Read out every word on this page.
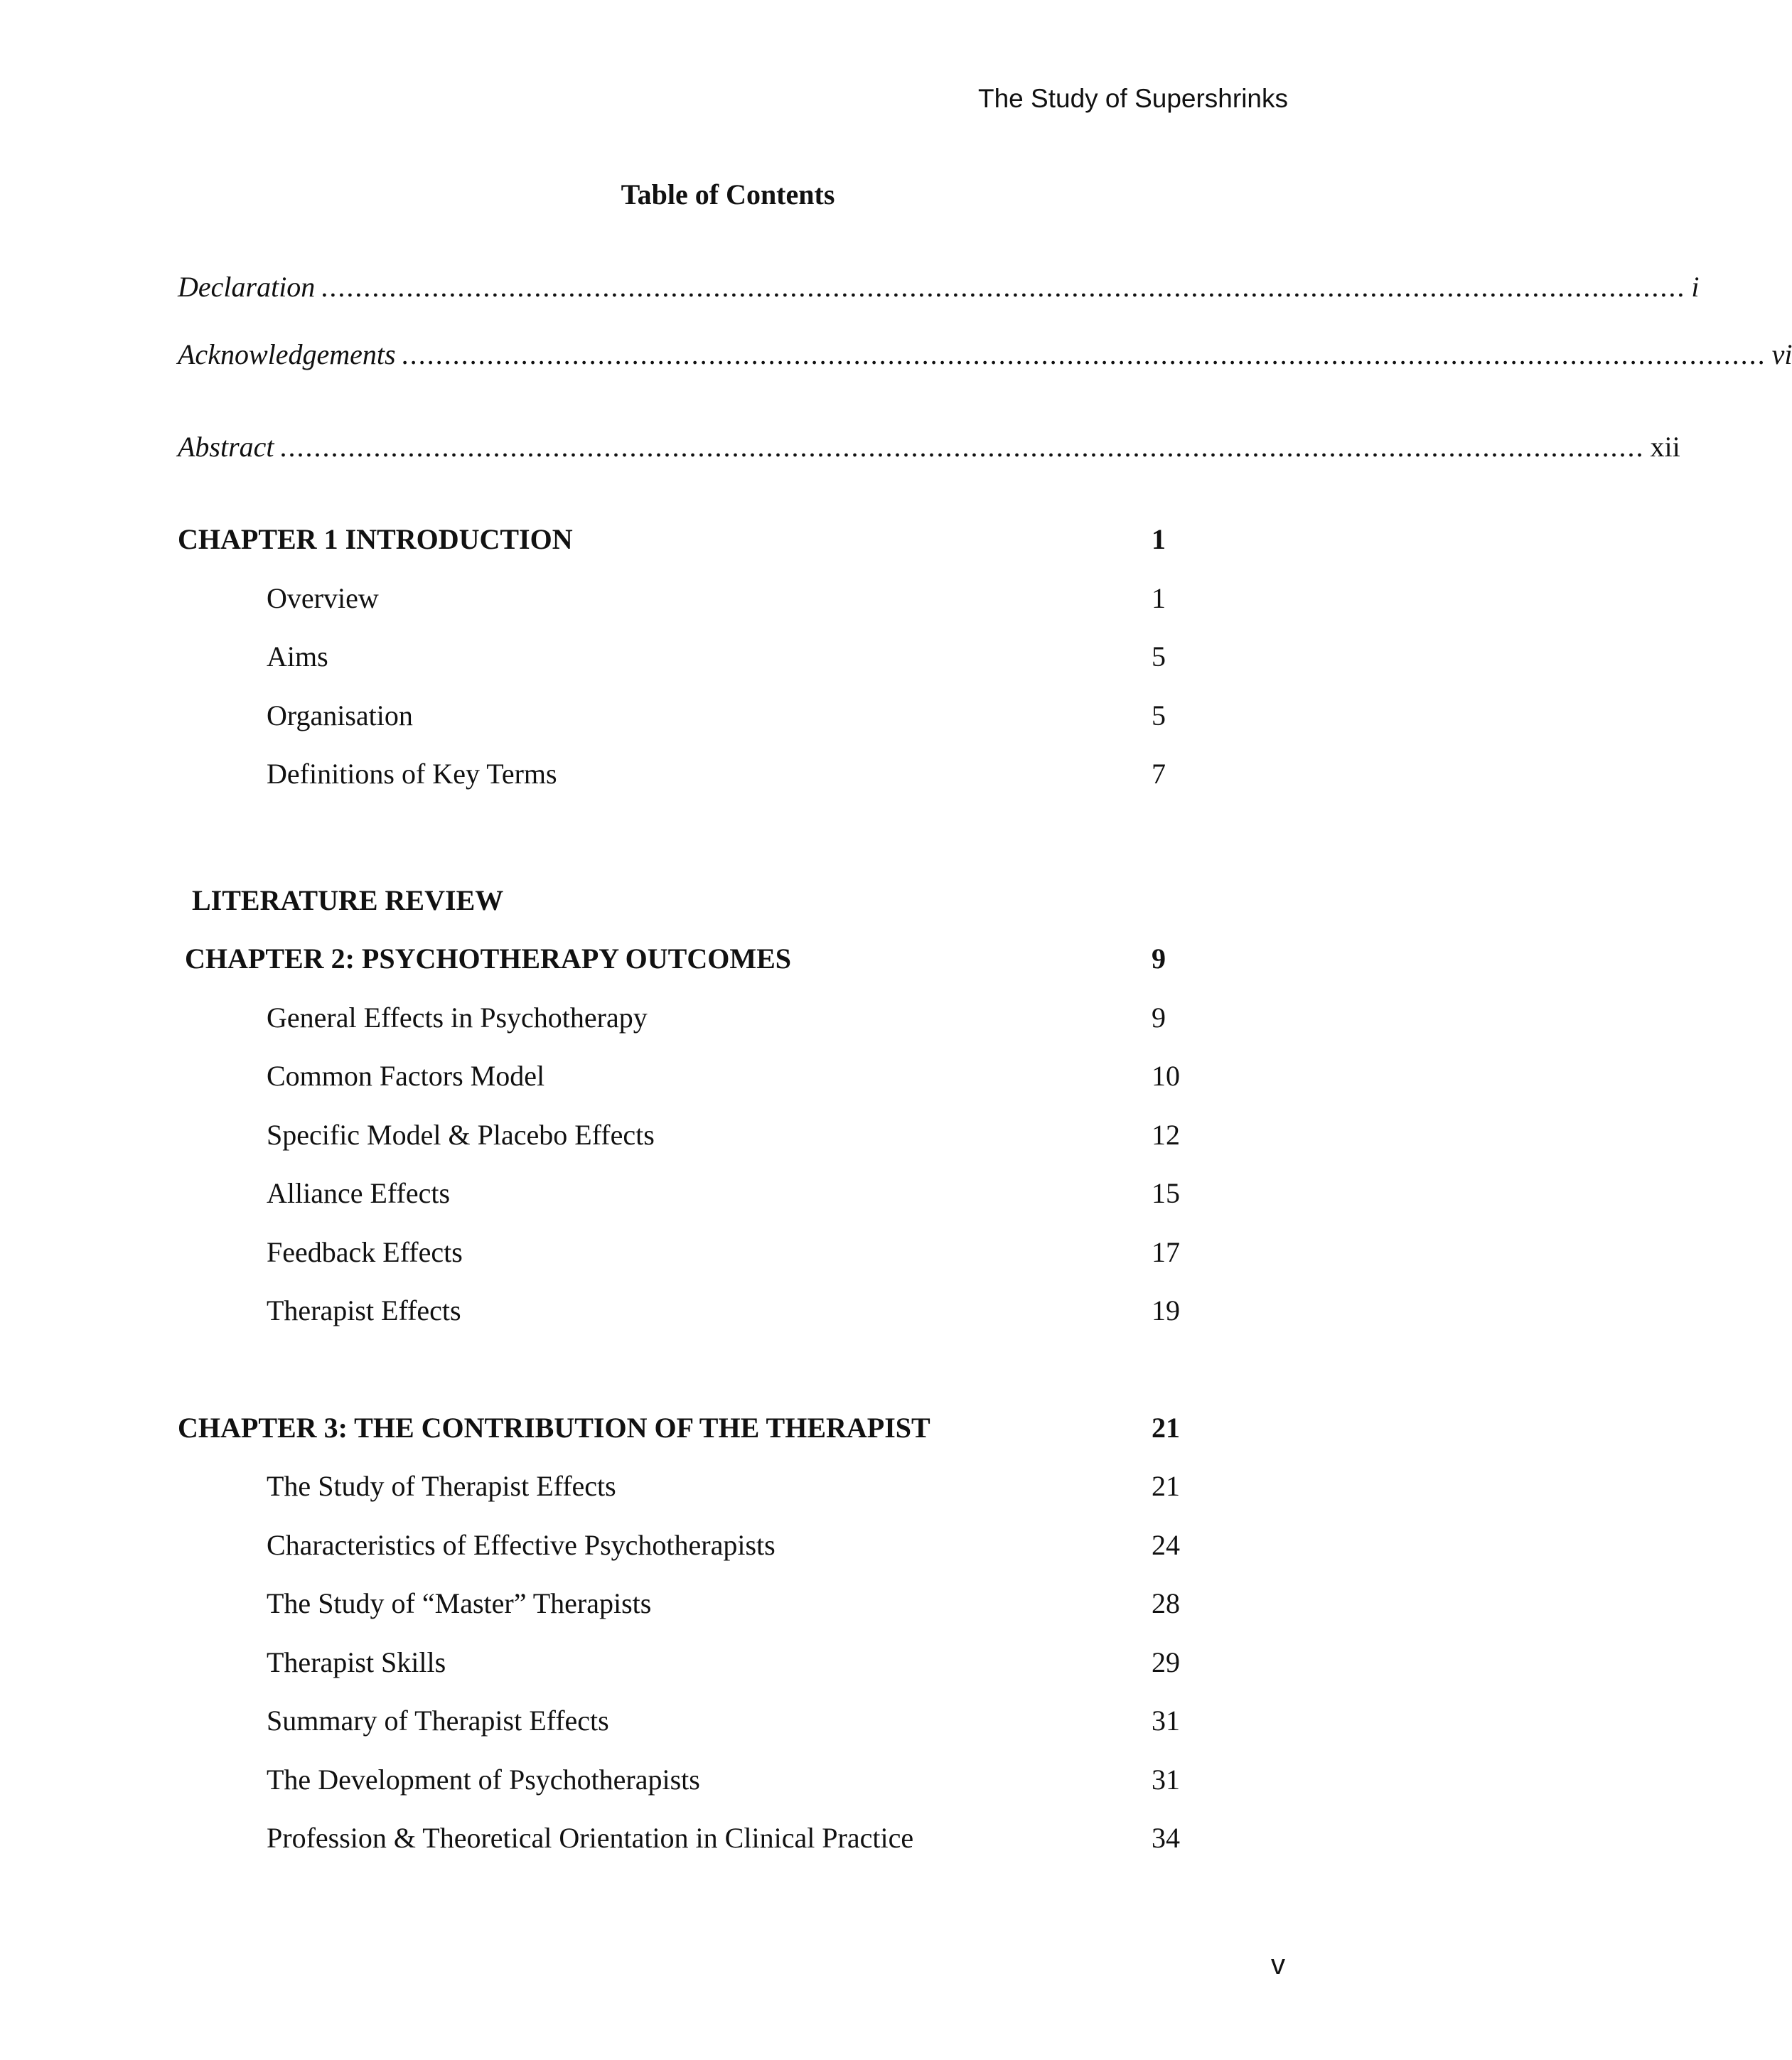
The Study of Supershrinks
Table of Contents
Declaration ................................................................................................................................................................ i
Acknowledgements ................................................................................................................................................................ vi
Abstract ................................................................................................................................................................ xii
CHAPTER 1 INTRODUCTION	1
Overview	1
Aims	5
Organisation	5
Definitions of Key Terms	7
LITERATURE REVIEW
CHAPTER 2: PSYCHOTHERAPY OUTCOMES	9
General Effects in Psychotherapy	9
Common Factors Model	10
Specific Model & Placebo Effects	12
Alliance Effects	15
Feedback Effects	17
Therapist Effects	19
CHAPTER 3: THE CONTRIBUTION OF THE THERAPIST	21
The Study of Therapist Effects	21
Characteristics of Effective Psychotherapists	24
The Study of “Master” Therapists	28
Therapist Skills	29
Summary of Therapist Effects	31
The Development of Psychotherapists	31
Profession & Theoretical Orientation in Clinical Practice	34
v
